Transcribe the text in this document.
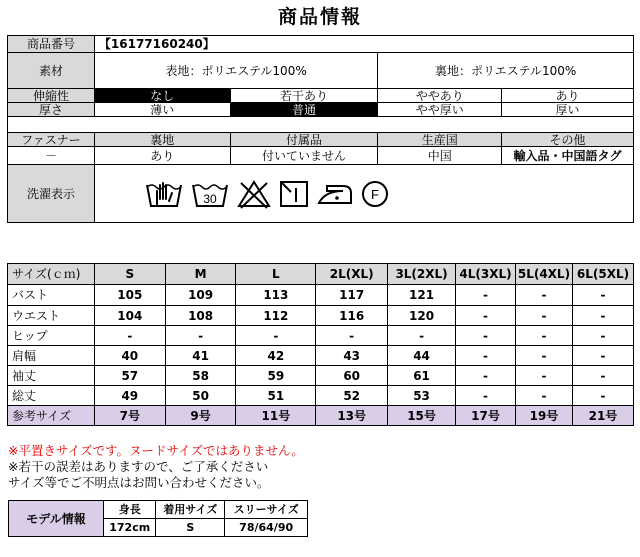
商品情報
商品番号	【16177160240】			
素材	表地：ポリエステル100%		裏地：ポリエステル100%	
伸縮性	なし	若干あり	ややあり	あり
厚さ	薄い	普通	やや厚い	厚い

ファスナー	裏地	付属品	生産国	その他
－	あり	付いていません	中国	輸入品・中国語タグ
洗濯表示	30 F			
サイズ(ｃｍ)	S	M	L	2L(XL)	3L(2XL)	4L(3XL)	5L(4XL)	6L(5XL)
バスト	105	109	113	117	121	-	-	-
ウエスト	104	108	112	116	120	-	-	-
ヒップ	-	-	-	-	-	-	-	-
肩幅	40	41	42	43	44	-	-	-
袖丈	57	58	59	60	61	-	-	-
総丈	49	50	51	52	53	-	-	-
参考サイズ	7号	9号	11号	13号	15号	17号	19号	21号
※平置きサイズです。ヌードサイズではありません。
※若干の誤差はありますので、ご了承ください
サイズ等でご不明点はお問い合わせください。
モデル情報	身長	着用サイズ	スリーサイズ
	172cm	S	78/64/90
